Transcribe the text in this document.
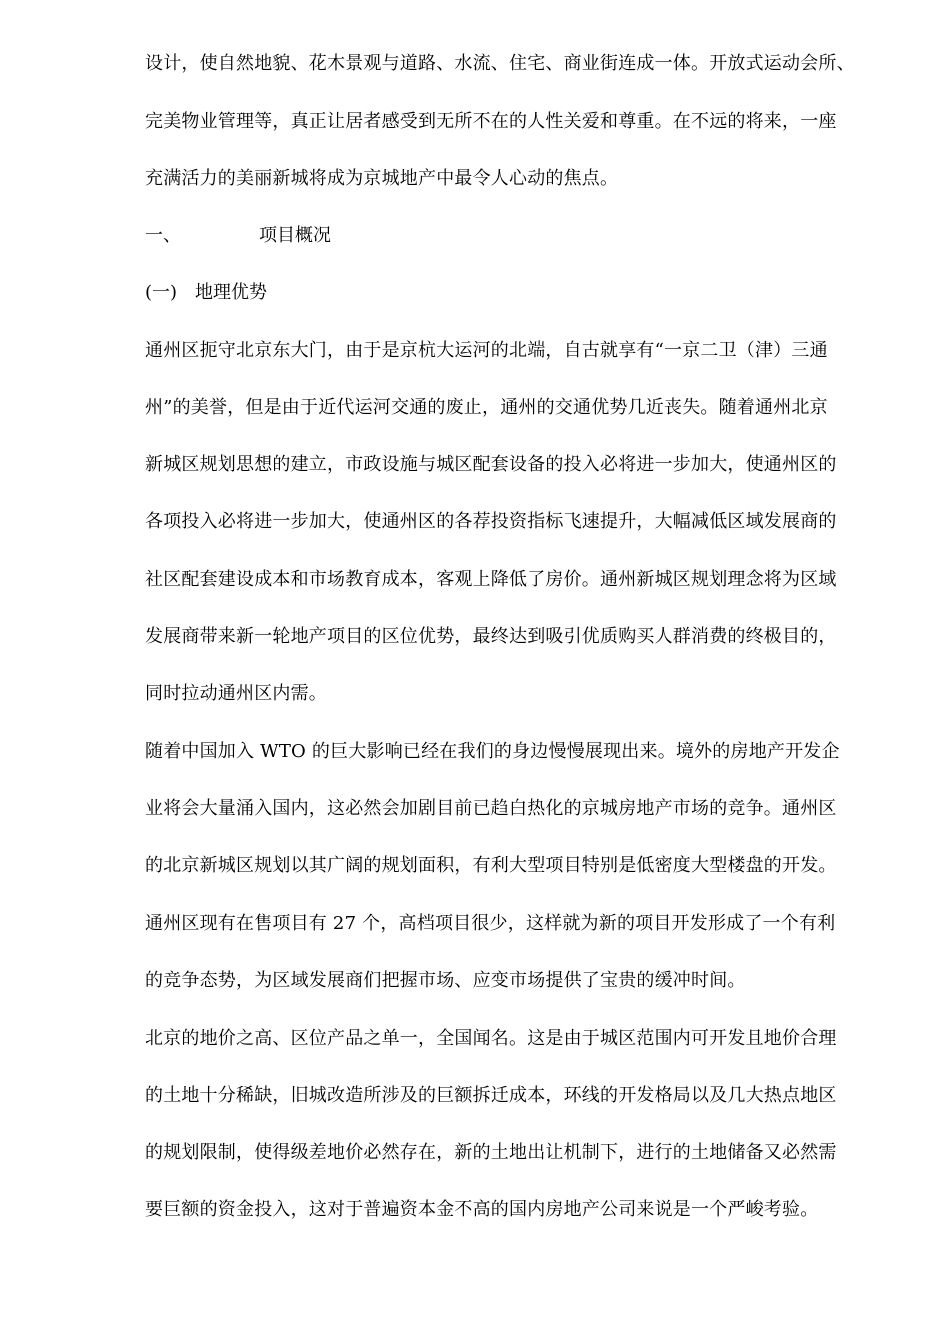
设计，使自然地貌、花木景观与道路、水流、住宅、商业街连成一体。开放式运动会所、
完美物业管理等，真正让居者感受到无所不在的人性关爱和尊重。在不远的将来，一座
充满活力的美丽新城将成为京城地产中最令人心动的焦点。
一、	项目概况
(一) 地理优势
通州区扼守北京东大门，由于是京杭大运河的北端，自古就享有“一京二卫（津）三通
州”的美誉，但是由于近代运河交通的废止，通州的交通优势几近丧失。随着通州北京
新城区规划思想的建立，市政设施与城区配套设备的投入必将进一步加大，使通州区的
各项投入必将进一步加大，使通州区的各荐投资指标飞速提升，大幅减低区域发展商的
社区配套建设成本和市场教育成本，客观上降低了房价。通州新城区规划理念将为区域
发展商带来新一轮地产项目的区位优势，最终达到吸引优质购买人群消费的终极目的，
同时拉动通州区内需。
随着中国加入 WTO 的巨大影响已经在我们的身边慢慢展现出来。境外的房地产开发企
业将会大量涌入国内，这必然会加剧目前已趋白热化的京城房地产市场的竞争。通州区
的北京新城区规划以其广阔的规划面积，有利大型项目特别是低密度大型楼盘的开发。
通州区现有在售项目有 27 个，高档项目很少，这样就为新的项目开发形成了一个有利
的竞争态势，为区域发展商们把握市场、应变市场提供了宝贵的缓冲时间。
北京的地价之高、区位产品之单一，全国闻名。这是由于城区范围内可开发且地价合理
的土地十分稀缺，旧城改造所涉及的巨额拆迁成本，环线的开发格局以及几大热点地区
的规划限制，使得级差地价必然存在，新的土地出让机制下，进行的土地储备又必然需
要巨额的资金投入，这对于普遍资本金不高的国内房地产公司来说是一个严峻考验。
